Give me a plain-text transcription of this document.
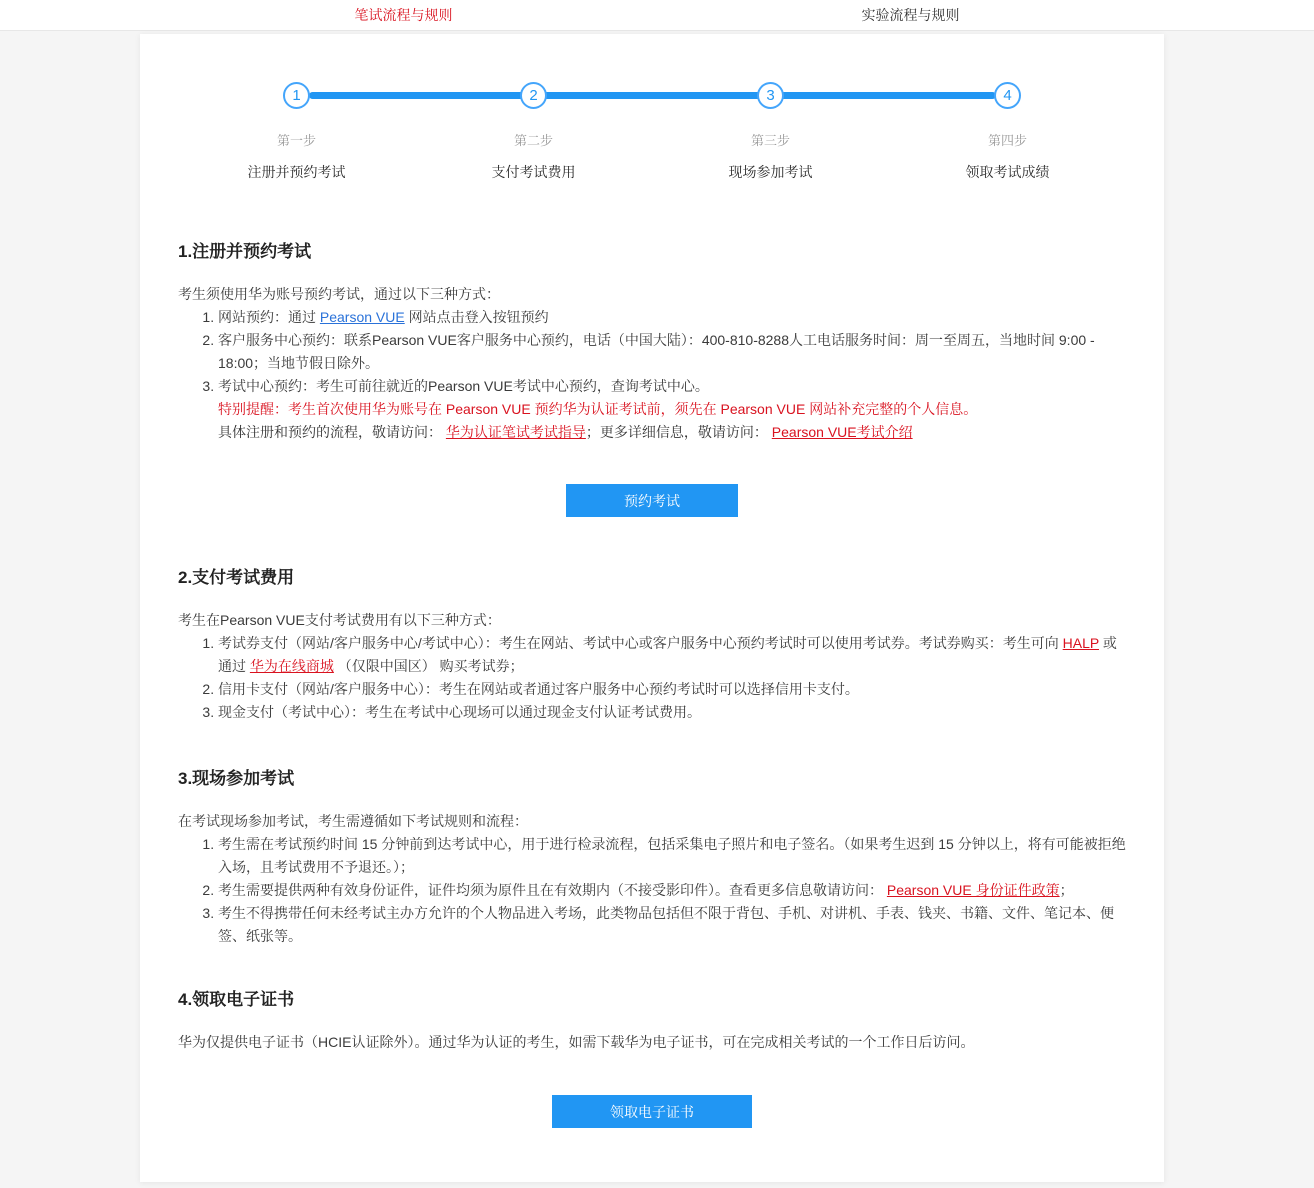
笔试流程与规则	实验流程与规则
1
第一步
注册并预约考试
2
第二步
支付考试费用
3
第三步
现场参加考试
4
第四步
领取考试成绩
1.注册并预约考试

考生须使用华为账号预约考试，通过以下三种方式：

1. 网站预约：通过 Pearson VUE 网站点击登入按钮预约
2. 客户服务中心预约：联系Pearson VUE客户服务中心预约，电话（中国大陆）：400-810-8288人工电话服务时间：周一至周五，当地时间 9:00 - 18:00；当地节假日除外。
3. 考试中心预约：考生可前往就近的Pearson VUE考试中心预约，查询考试中心。

特别提醒：考生首次使用华为账号在 Pearson VUE 预约华为认证考试前，须先在 Pearson VUE 网站补充完整的个人信息。

具体注册和预约的流程，敬请访问： 华为认证笔试考试指导；更多详细信息，敬请访问： Pearson VUE考试介绍

预约考试
2.支付考试费用

考生在Pearson VUE支付考试费用有以下三种方式：

1. 考试券支付（网站/客户服务中心/考试中心）：考生在网站、考试中心或客户服务中心预约考试时可以使用考试券。考试券购买：考生可向 HALP 或通过 华为在线商城 （仅限中国区） 购买考试券；
2. 信用卡支付（网站/客户服务中心）：考生在网站或者通过客户服务中心预约考试时可以选择信用卡支付。
3. 现金支付（考试中心）：考生在考试中心现场可以通过现金支付认证考试费用。
3.现场参加考试

在考试现场参加考试，考生需遵循如下考试规则和流程：

1. 考生需在考试预约时间 15 分钟前到达考试中心，用于进行检录流程，包括采集电子照片和电子签名。（如果考生迟到 15 分钟以上，将有可能被拒绝入场，且考试费用不予退还。）；
2. 考生需要提供两种有效身份证件，证件均须为原件且在有效期内（不接受影印件）。查看更多信息敬请访问： Pearson VUE 身份证件政策；
3. 考生不得携带任何未经考试主办方允许的个人物品进入考场，此类物品包括但不限于背包、手机、对讲机、手表、钱夹、书籍、文件、笔记本、便签、纸张等。
4.领取电子证书

华为仅提供电子证书（HCIE认证除外）。通过华为认证的考生，如需下载华为电子证书，可在完成相关考试的一个工作日后访问。

领取电子证书
